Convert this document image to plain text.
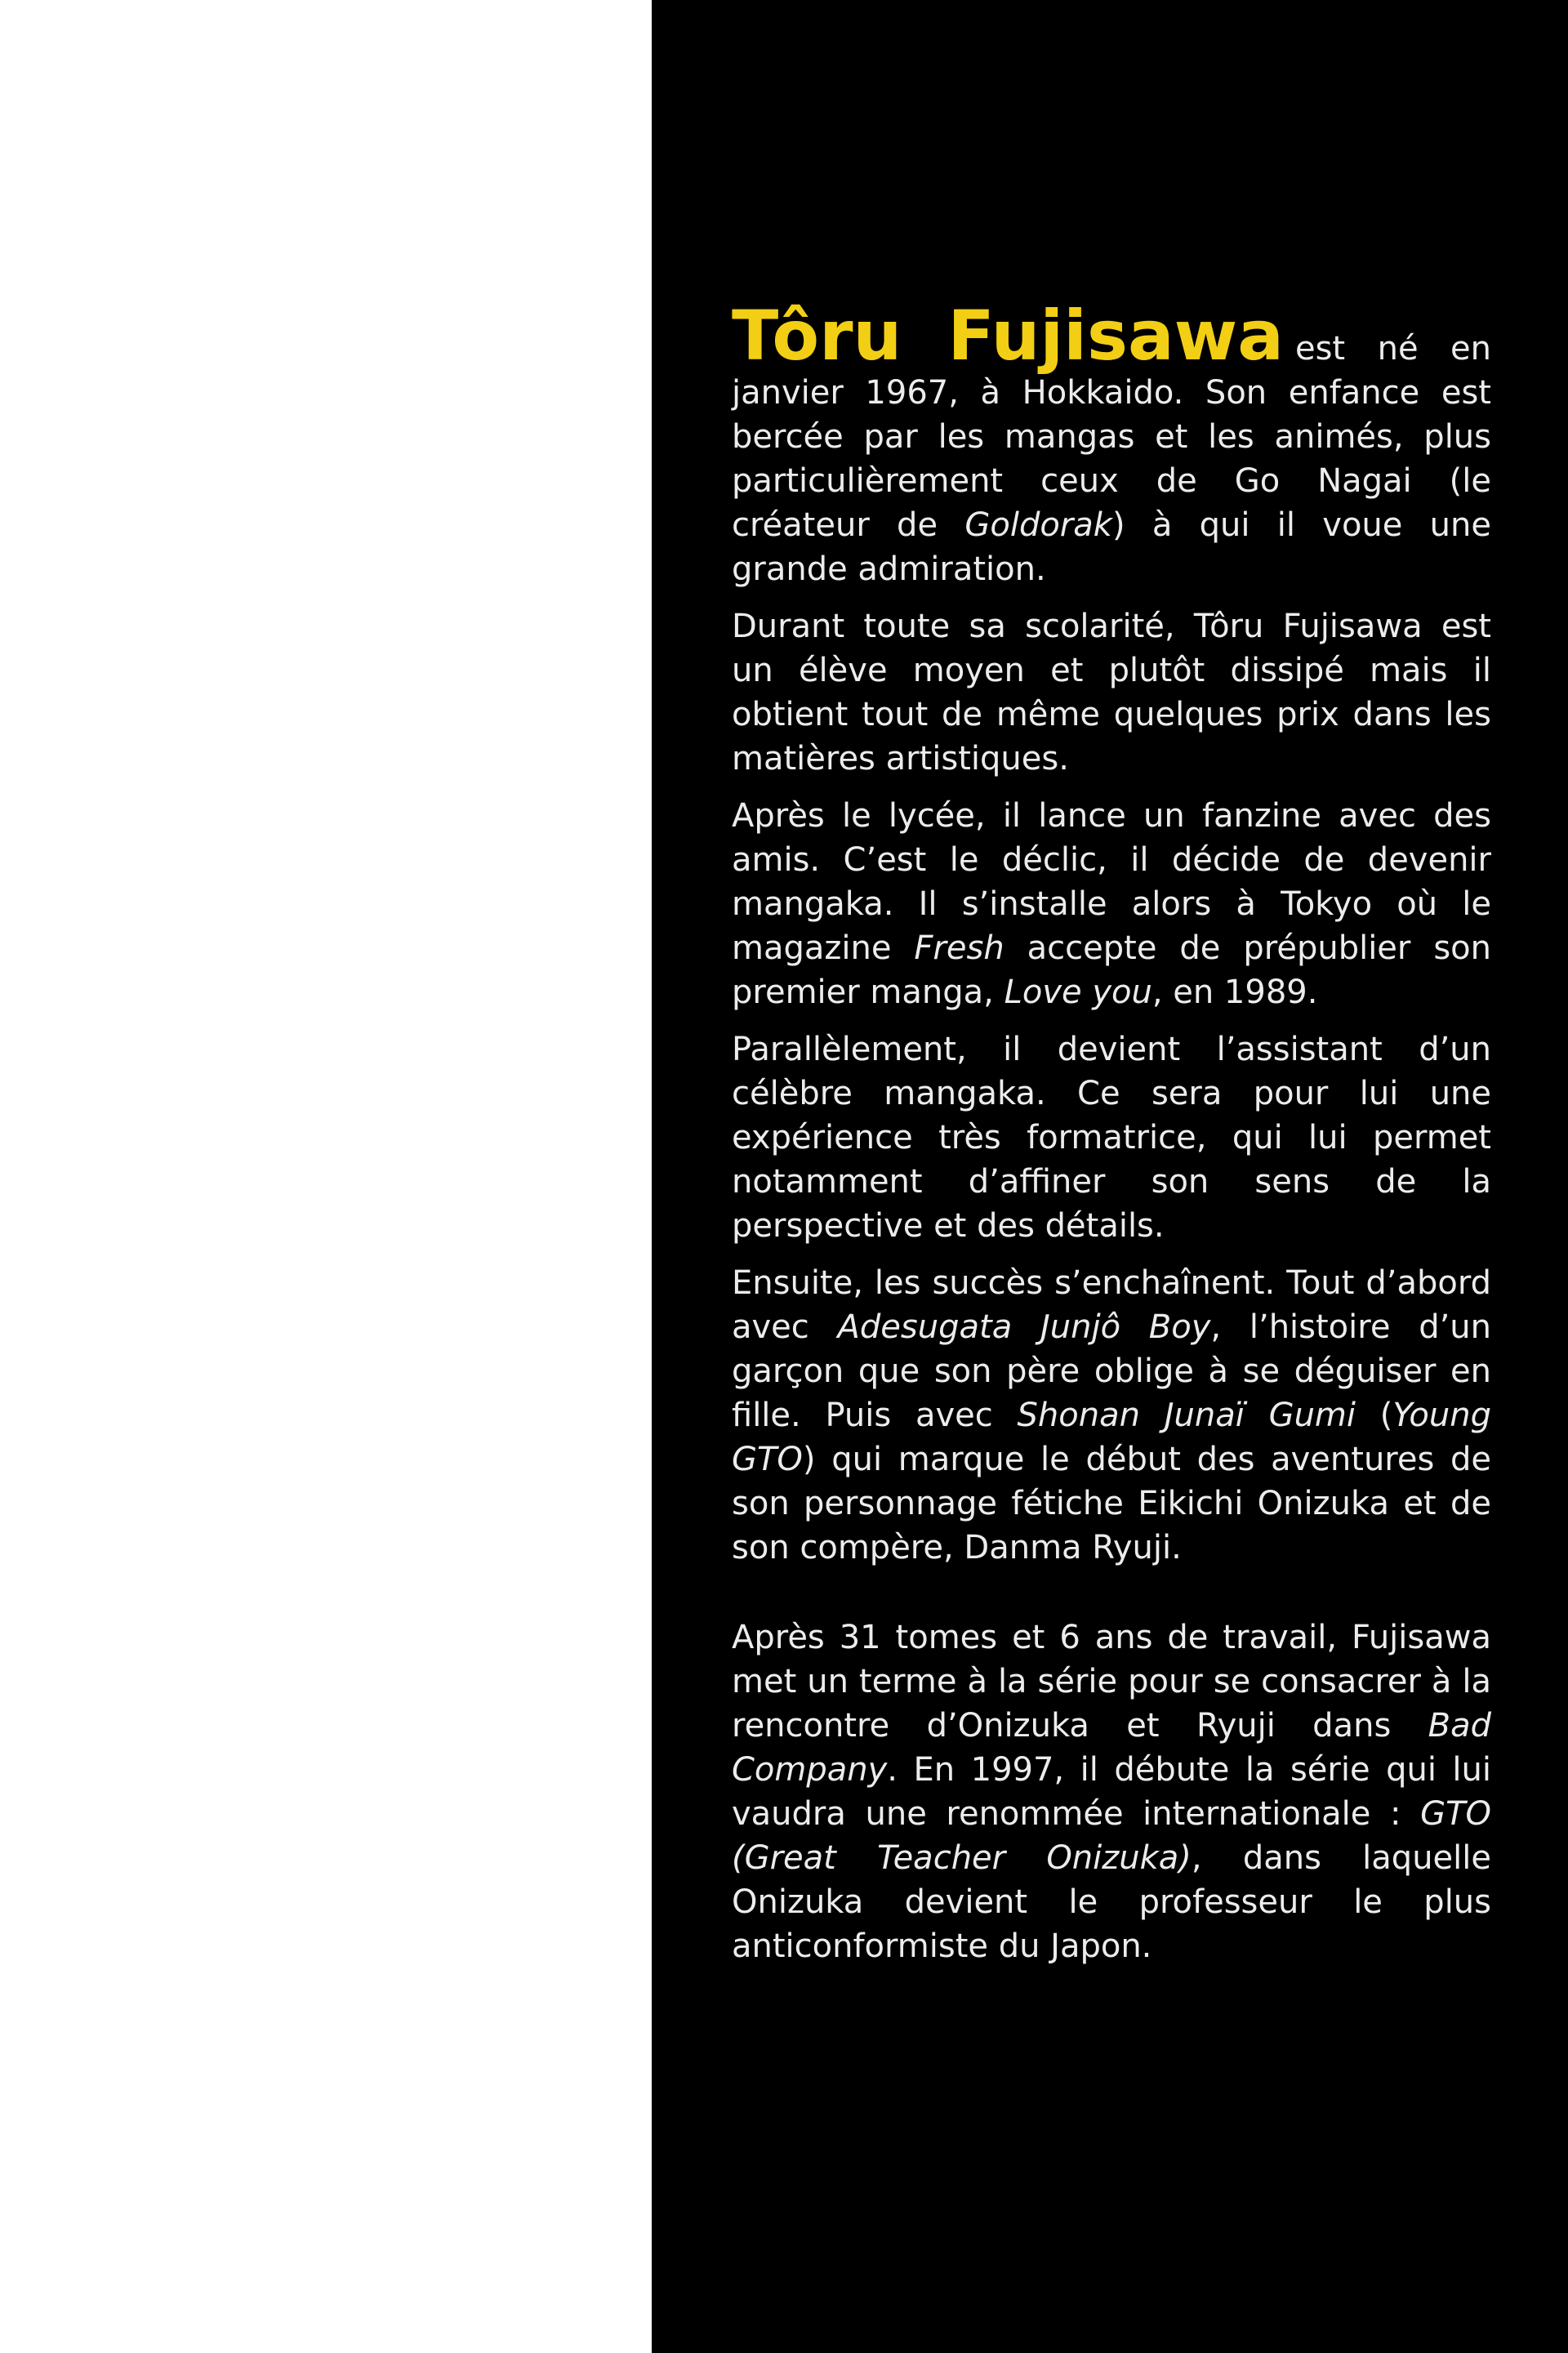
Tôru Fujisawa est né en janvier 1967, à Hokkaido. Son enfance est bercée par les mangas et les animés, plus particulièrement ceux de Go Nagai (le créateur de Goldorak) à qui il voue une grande admiration.

Durant toute sa scolarité, Tôru Fujisawa est un élève moyen et plutôt dissipé mais il obtient tout de même quelques prix dans les matières artistiques.

Après le lycée, il lance un fanzine avec des amis. C’est le déclic, il décide de devenir mangaka. Il s’installe alors à Tokyo où le magazine Fresh accepte de prépublier son premier manga, Love you, en 1989.

Parallèlement, il devient l’assistant d’un célèbre mangaka. Ce sera pour lui une expérience très formatrice, qui lui permet notamment d’affiner son sens de la perspective et des détails.

Ensuite, les succès s’enchaînent. Tout d’abord avec Adesugata Junjô Boy, l’histoire d’un garçon que son père oblige à se déguiser en fille. Puis avec Shonan Junaï Gumi (Young GTO) qui marque le début des aventures de son personnage fétiche Eikichi Onizuka et de son compère, Danma Ryuji.

Après 31 tomes et 6 ans de travail, Fujisawa met un terme à la série pour se consacrer à la rencontre d’Onizuka et Ryuji dans Bad Company. En 1997, il débute la série qui lui vaudra une renommée internationale : GTO (Great Teacher Onizuka), dans laquelle Onizuka devient le professeur le plus anticonformiste du Japon.
